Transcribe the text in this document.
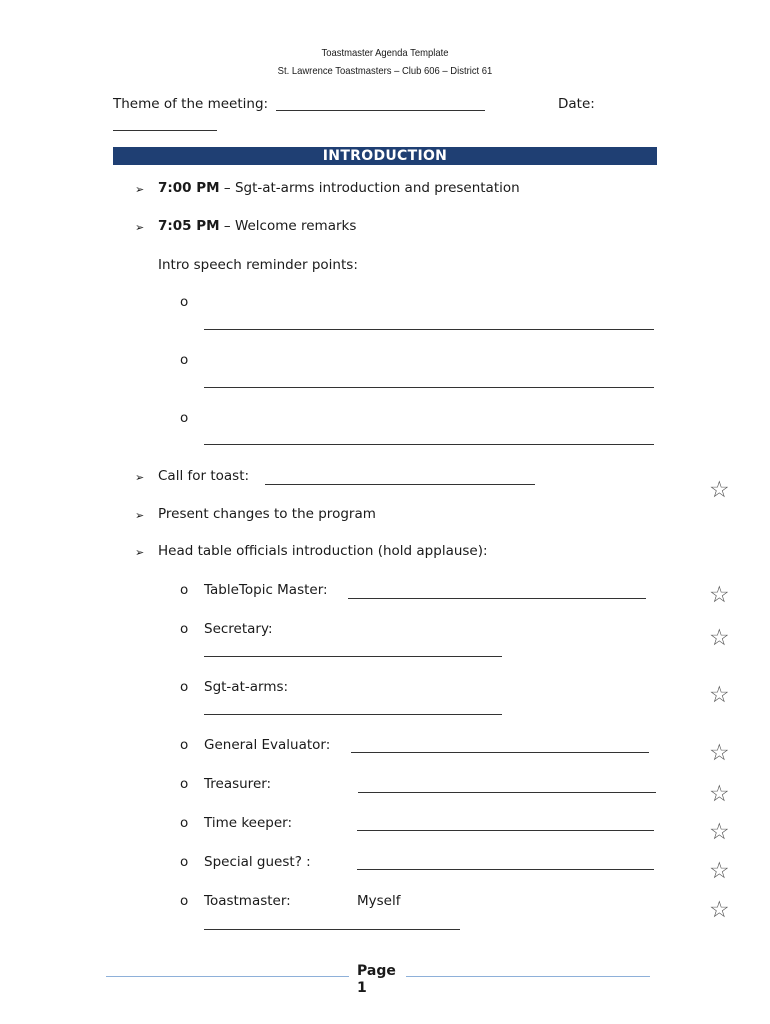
Toastmaster Agenda Template
St. Lawrence Toastmasters – Club 606 – District 61
Theme of the meeting:	Date:
INTRODUCTION
➢ 7:00 PM – Sgt-at-arms introduction and presentation
➢ 7:05 PM – Welcome remarks
Intro speech reminder points:
o
o
o
➢ Call for toast:
☆
➢ Present changes to the program
➢ Head table officials introduction (hold applause):
o TableTopic Master:	☆
o Secretary:	☆
o Sgt-at-arms:	☆
o General Evaluator:	☆
o Treasurer:	☆
o Time keeper:	☆
o Special guest? :	☆
o Toastmaster:	Myself	☆
Page
1
